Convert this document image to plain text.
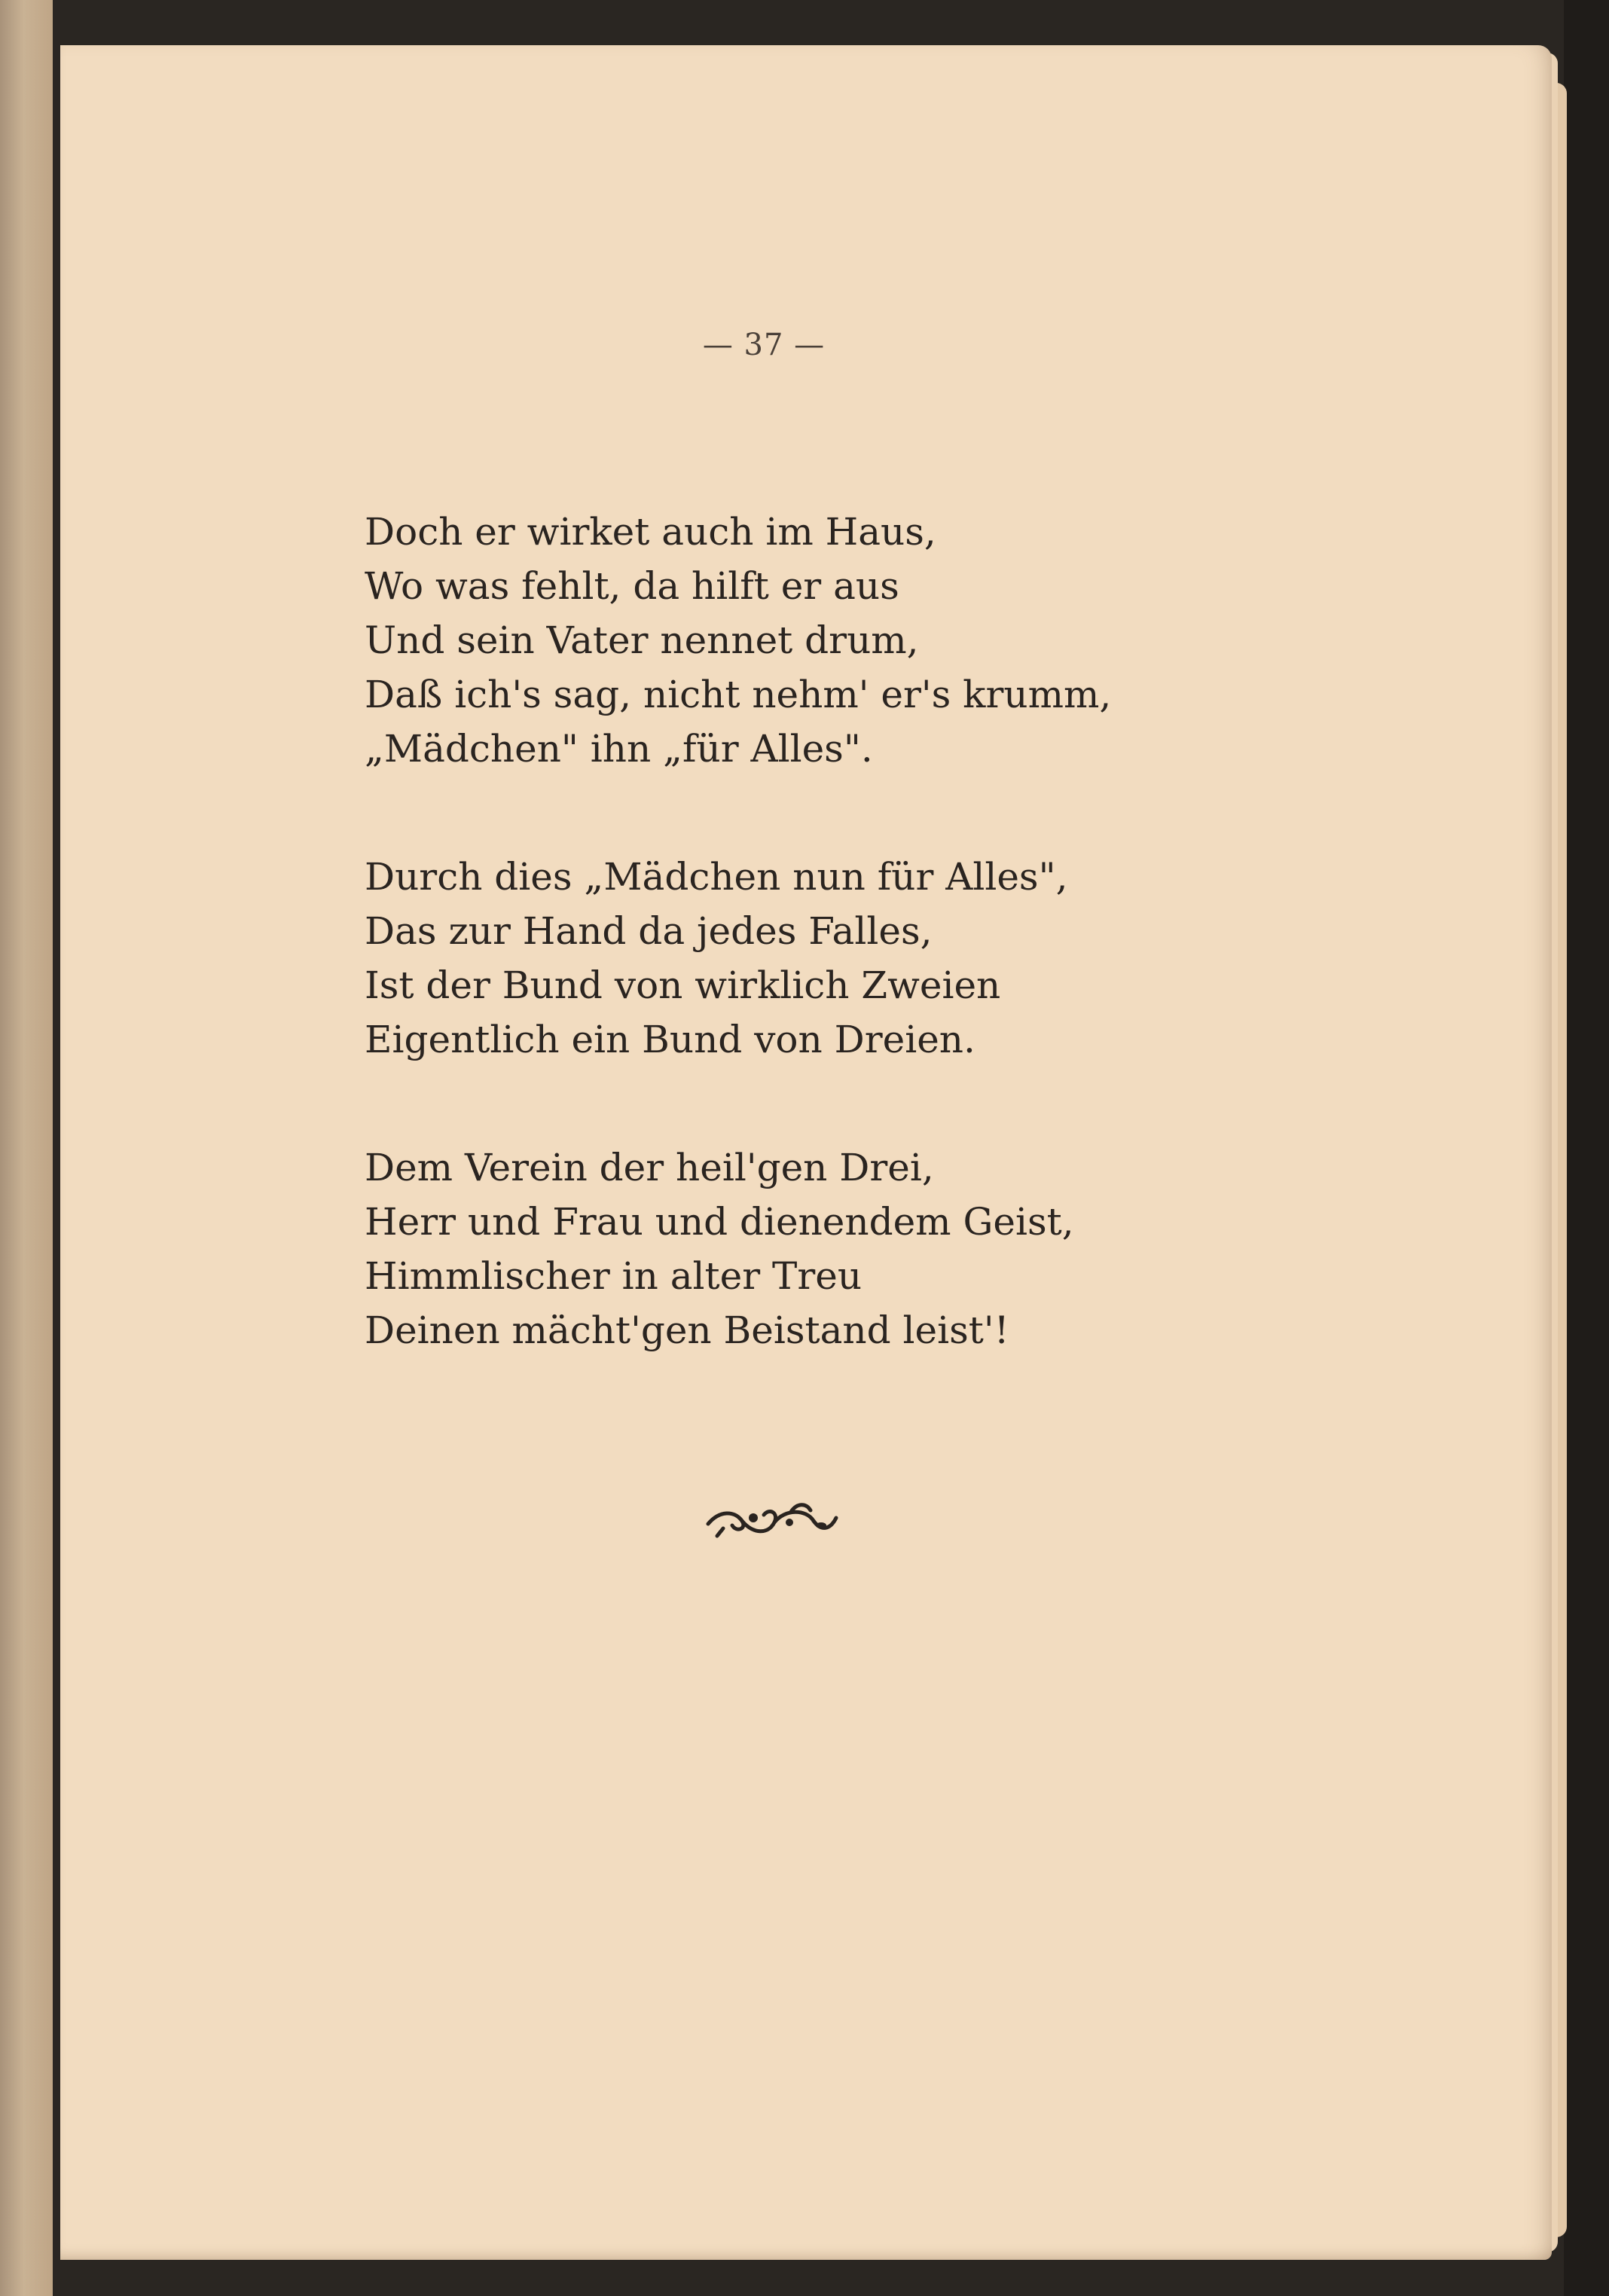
— 37 —
Doch er wirket auch im Haus,
Wo was fehlt, da hilft er aus
Und sein Vater nennet drum,
Daß ich's sag, nicht nehm' er's krumm,
„Mädchen" ihn „für Alles".
Durch dies „Mädchen nun für Alles",
Das zur Hand da jedes Falles,
Ist der Bund von wirklich Zweien
Eigentlich ein Bund von Dreien.
Dem Verein der heil'gen Drei,
Herr und Frau und dienendem Geist,
Himmlischer in alter Treu
Deinen mächt'gen Beistand leist'!
